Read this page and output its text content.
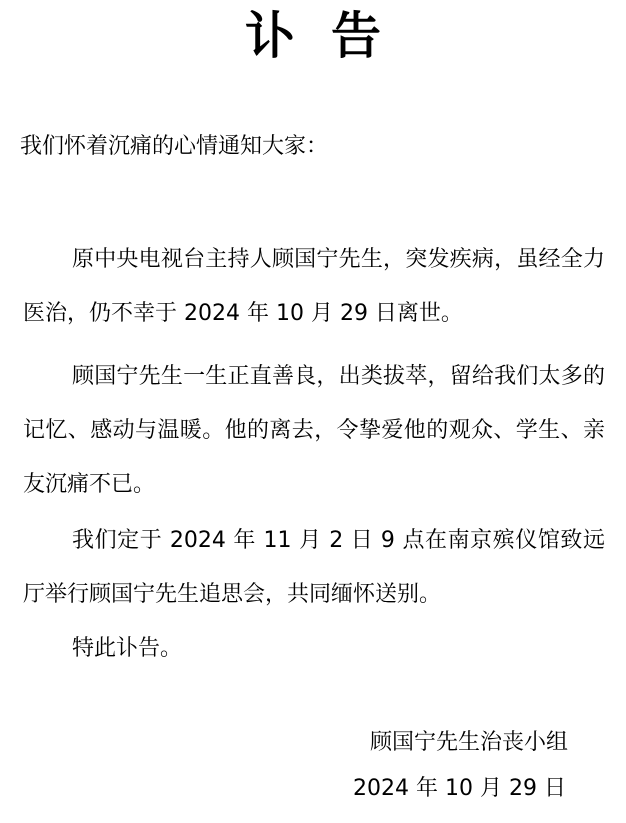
讣告
我们怀着沉痛的心情通知大家：

原中央电视台主持人顾国宁先生，突发疾病，虽经全力医治，仍不幸于 2024 年 10 月 29 日离世。

顾国宁先生一生正直善良，出类拔萃，留给我们太多的记忆、感动与温暖。他的离去，令挚爱他的观众、学生、亲友沉痛不已。

我们定于 2024 年 11 月 2 日 9 点在南京殡仪馆致远厅举行顾国宁先生追思会，共同缅怀送别。

特此讣告。

顾国宁先生治丧小组
2024 年 10 月 29 日
